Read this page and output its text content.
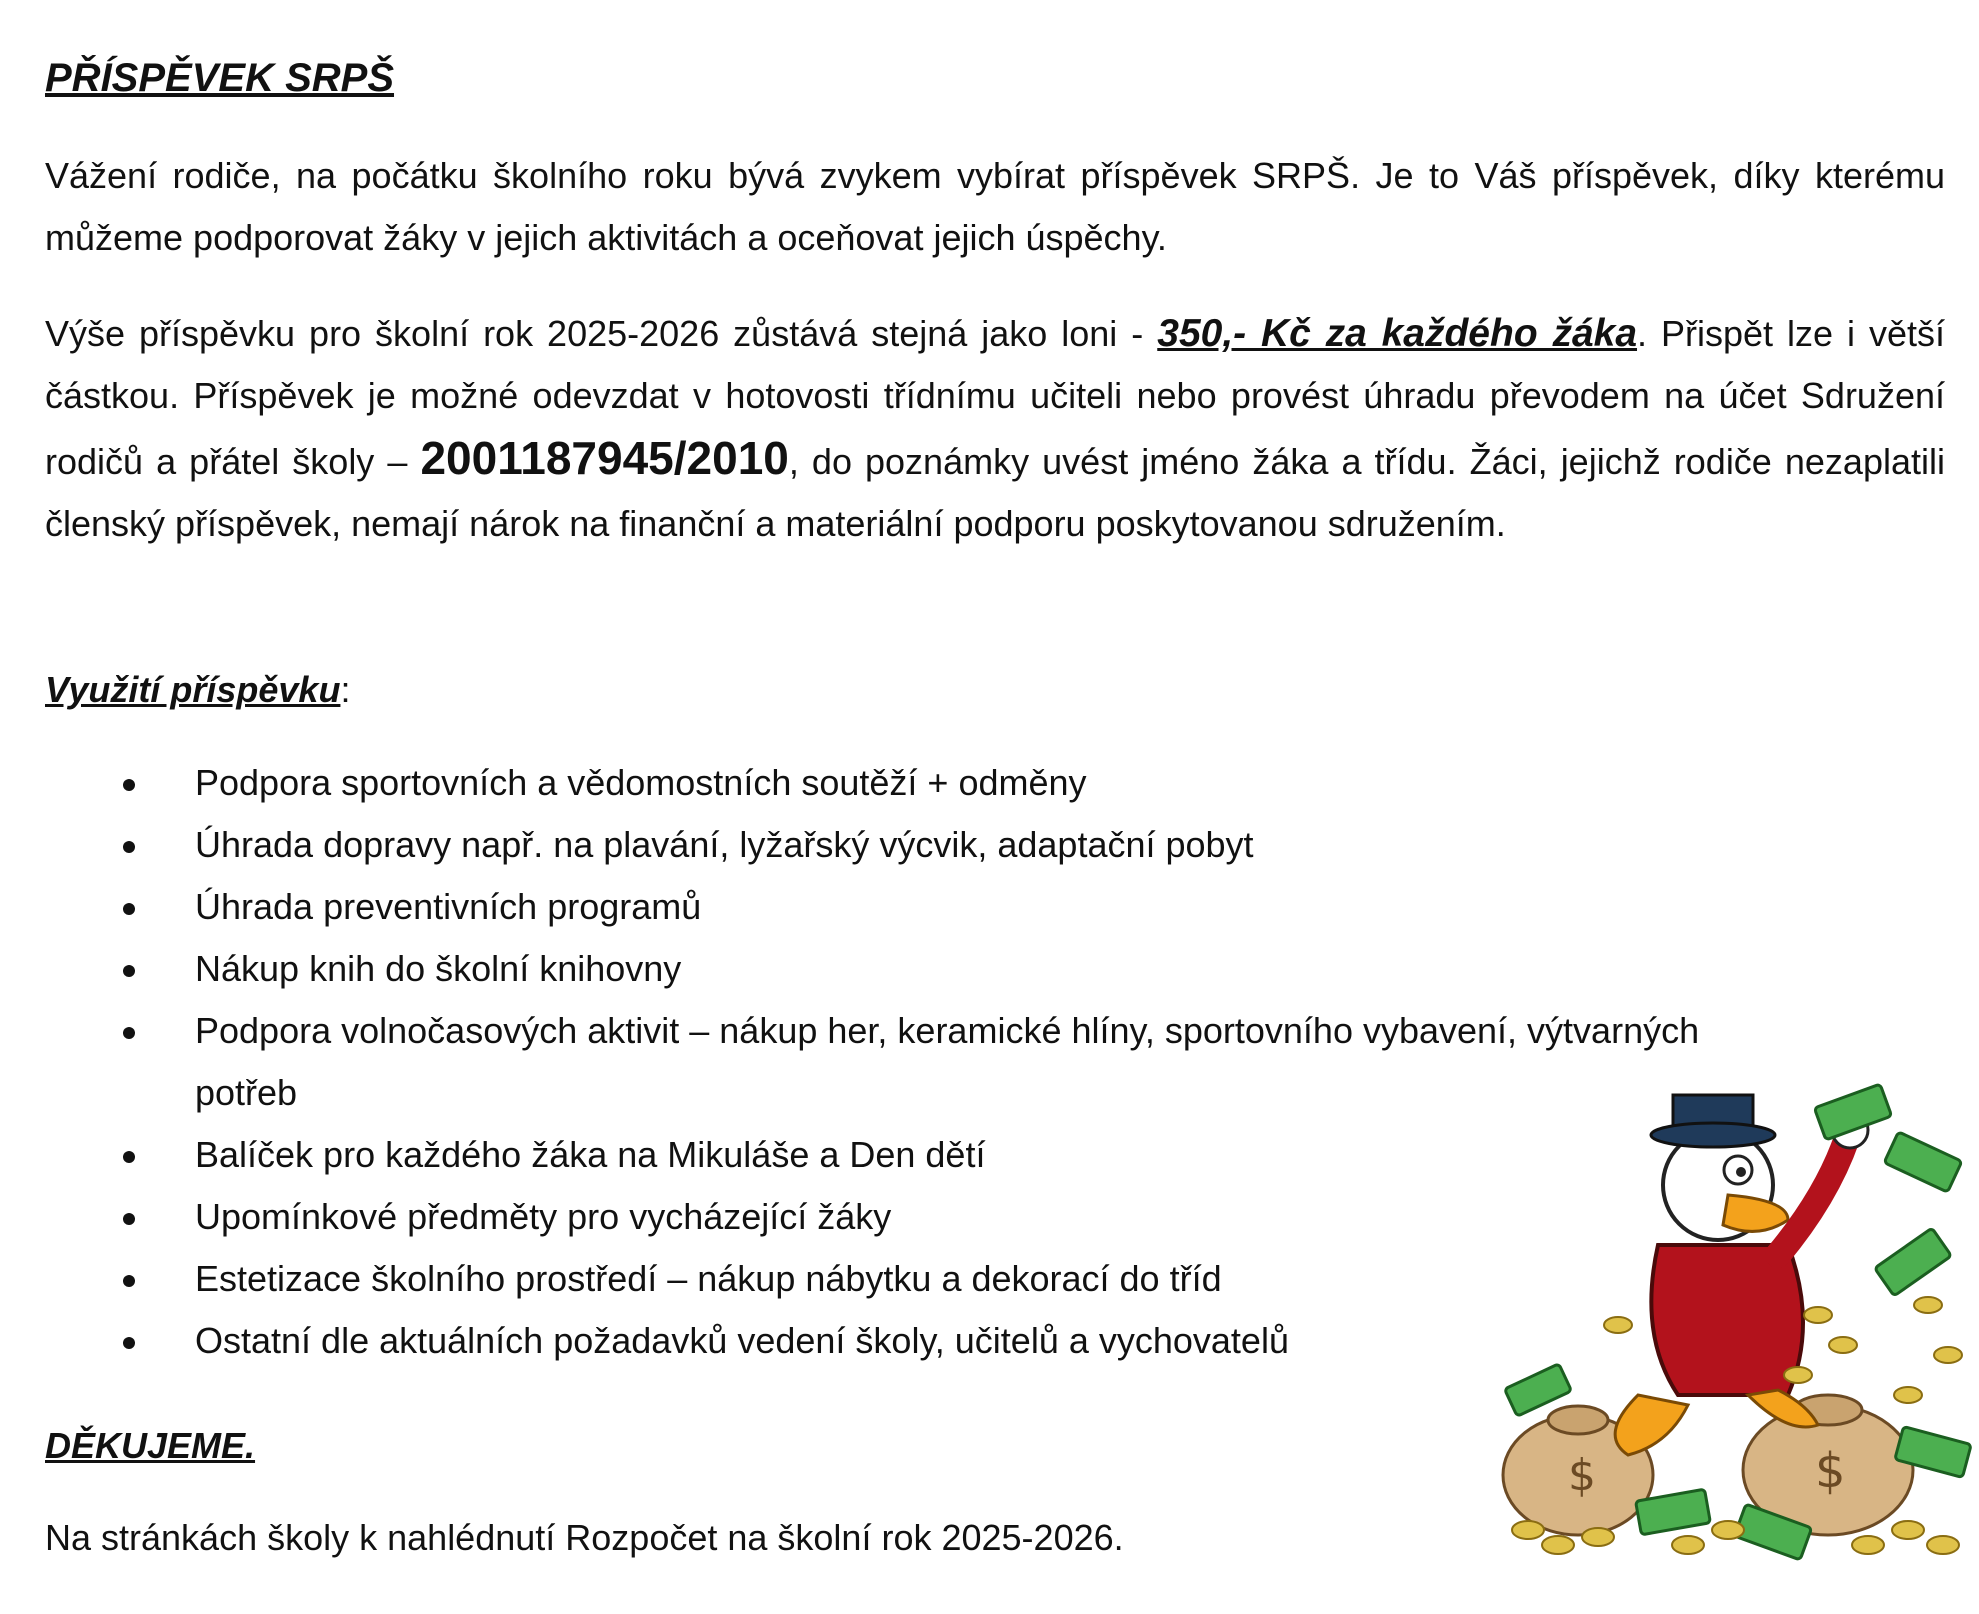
PŘÍSPĚVEK SRPŠ

Vážení rodiče, na počátku školního roku bývá zvykem vybírat příspěvek SRPŠ. Je to Váš příspěvek, díky kterému můžeme podporovat žáky v jejich aktivitách a oceňovat jejich úspěchy.

Výše příspěvku pro školní rok 2025-2026 zůstává stejná jako loni - 350,- Kč za každého žáka. Přispět lze i větší částkou. Příspěvek je možné odevzdat v hotovosti třídnímu učiteli nebo provést úhradu převodem na účet Sdružení rodičů a přátel školy – 2001187945/2010, do poznámky uvést jméno žáka a třídu. Žáci, jejichž rodiče nezaplatili členský příspěvek, nemají nárok na finanční a materiální podporu poskytovanou sdružením.

Využití příspěvku:

Podpora sportovních a vědomostních soutěží + odměny
Úhrada dopravy např. na plavání, lyžařský výcvik, adaptační pobyt
Úhrada preventivních programů
Nákup knih do školní knihovny
Podpora volnočasových aktivit – nákup her, keramické hlíny, sportovního vybavení, výtvarných potřeb
Balíček pro každého žáka na Mikuláše a Den dětí
Upomínkové předměty pro vycházející žáky
Estetizace školního prostředí – nákup nábytku a dekorací do tříd
Ostatní dle aktuálních požadavků vedení školy, učitelů a vychovatelů

DĚKUJEME.

Na stránkách školy k nahlédnutí Rozpočet na školní rok 2025-2026.

$	$
